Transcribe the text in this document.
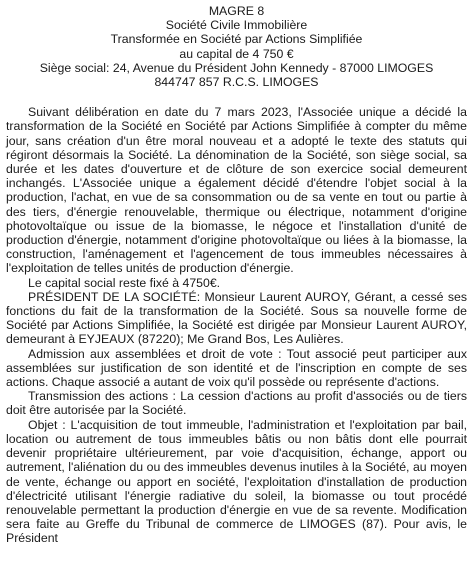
MAGRE 8
Société Civile Immobilière
Transformée en Société par Actions Simplifiée
au capital de 4 750 €
Siège social: 24, Avenue du Président John Kennedy - 87000 LIMOGES
844747 857 R.C.S. LIMOGES

Suivant délibération en date du 7 mars 2023, l'Associée unique a décidé la transformation de la Société en Société par Actions Simplifiée à compter du même jour, sans création d'un être moral nouveau et a adopté le texte des statuts qui régiront désormais la Société. La dénomination de la Société, son siège social, sa durée et les dates d'ouverture et de clôture de son exercice social demeurent inchangés. L'Associée unique a également décidé d'étendre l'objet social à la production, l'achat, en vue de sa consommation ou de sa vente en tout ou partie à des tiers, d'énergie renouvelable, thermique ou électrique, notamment d'origine photovoltaïque ou issue de la biomasse, le négoce et l'installation d'unité de production d'énergie, notamment d'origine photovoltaïque ou liées à la biomasse, la construction, l'aménagement et l'agencement de tous immeubles nécessaires à l'exploitation de telles unités de production d'énergie.

Le capital social reste fixé à 4750€.

PRÉSIDENT DE LA SOCIÉTÉ: Monsieur Laurent AUROY, Gérant, a cessé ses fonctions du fait de la transformation de la Société. Sous sa nouvelle forme de Société par Actions Simplifiée, la Société est dirigée par Monsieur Laurent AUROY, demeurant à EYJEAUX (87220); Me Grand Bos, Les Aulières.

Admission aux assemblées et droit de vote : Tout associé peut participer aux assemblées sur justification de son identité et de l'inscription en compte de ses actions. Chaque associé a autant de voix qu'il possède ou représente d'actions.

Transmission des actions : La cession d'actions au profit d'associés ou de tiers doit être autorisée par la Société.

Objet : L'acquisition de tout immeuble, l'administration et l'exploitation par bail, location ou autrement de tous immeubles bâtis ou non bâtis dont elle pourrait devenir propriétaire ultérieurement, par voie d'acquisition, échange, apport ou autrement, l'aliénation du ou des immeubles devenus inutiles à la Société, au moyen de vente, échange ou apport en société, l'exploitation d'installation de production d'électricité utilisant l'énergie radiative du soleil, la biomasse ou tout procédé renouvelable permettant la production d'énergie en vue de sa revente. Modification sera faite au Greffe du Tribunal de commerce de LIMOGES (87). Pour avis, le Président
